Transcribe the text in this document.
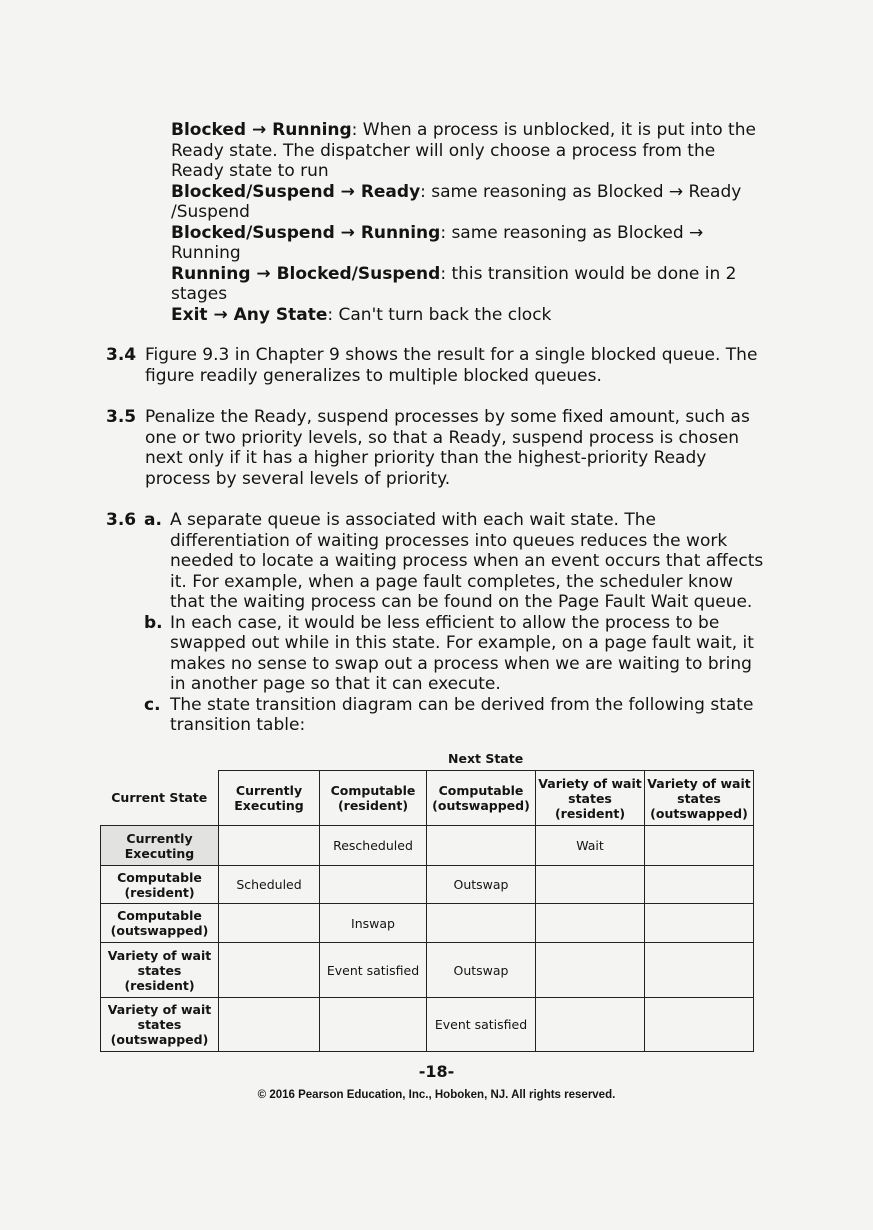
Blocked → Running: When a process is unblocked, it is put into the Ready state. The dispatcher will only choose a process from the Ready state to run

Blocked/Suspend → Ready: same reasoning as Blocked → Ready /Suspend

Blocked/Suspend → Running: same reasoning as Blocked → Running

Running → Blocked/Suspend: this transition would be done in 2 stages

Exit → Any State: Can't turn back the clock

3.4 Figure 9.3 in Chapter 9 shows the result for a single blocked queue. The figure readily generalizes to multiple blocked queues.
3.5 Penalize the Ready, suspend processes by some fixed amount, such as one or two priority levels, so that a Ready, suspend process is chosen next only if it has a higher priority than the highest-priority Ready process by several levels of priority.
3.6 a. A separate queue is associated with each wait state. The differentiation of waiting processes into queues reduces the work needed to locate a waiting process when an event occurs that affects it. For example, when a page fault completes, the scheduler know that the waiting process can be found on the Page Fault Wait queue.
b. In each case, it would be less efficient to allow the process to be swapped out while in this state. For example, on a page fault wait, it makes no sense to swap out a process when we are waiting to bring in another page so that it can execute.
c. The state transition diagram can be derived from the following state transition table:
Next State
Current State	Currently Executing	Computable (resident)	Computable (outswapped)	Variety of wait states (resident)	Variety of wait states (outswapped)
Currently Executing		Rescheduled		Wait	
Computable (resident)	Scheduled		Outswap		
Computable (outswapped)		Inswap			
Variety of wait states (resident)		Event satisfied	Outswap		
Variety of wait states (outswapped)			Event satisfied		
-18-
© 2016 Pearson Education, Inc., Hoboken, NJ. All rights reserved.
